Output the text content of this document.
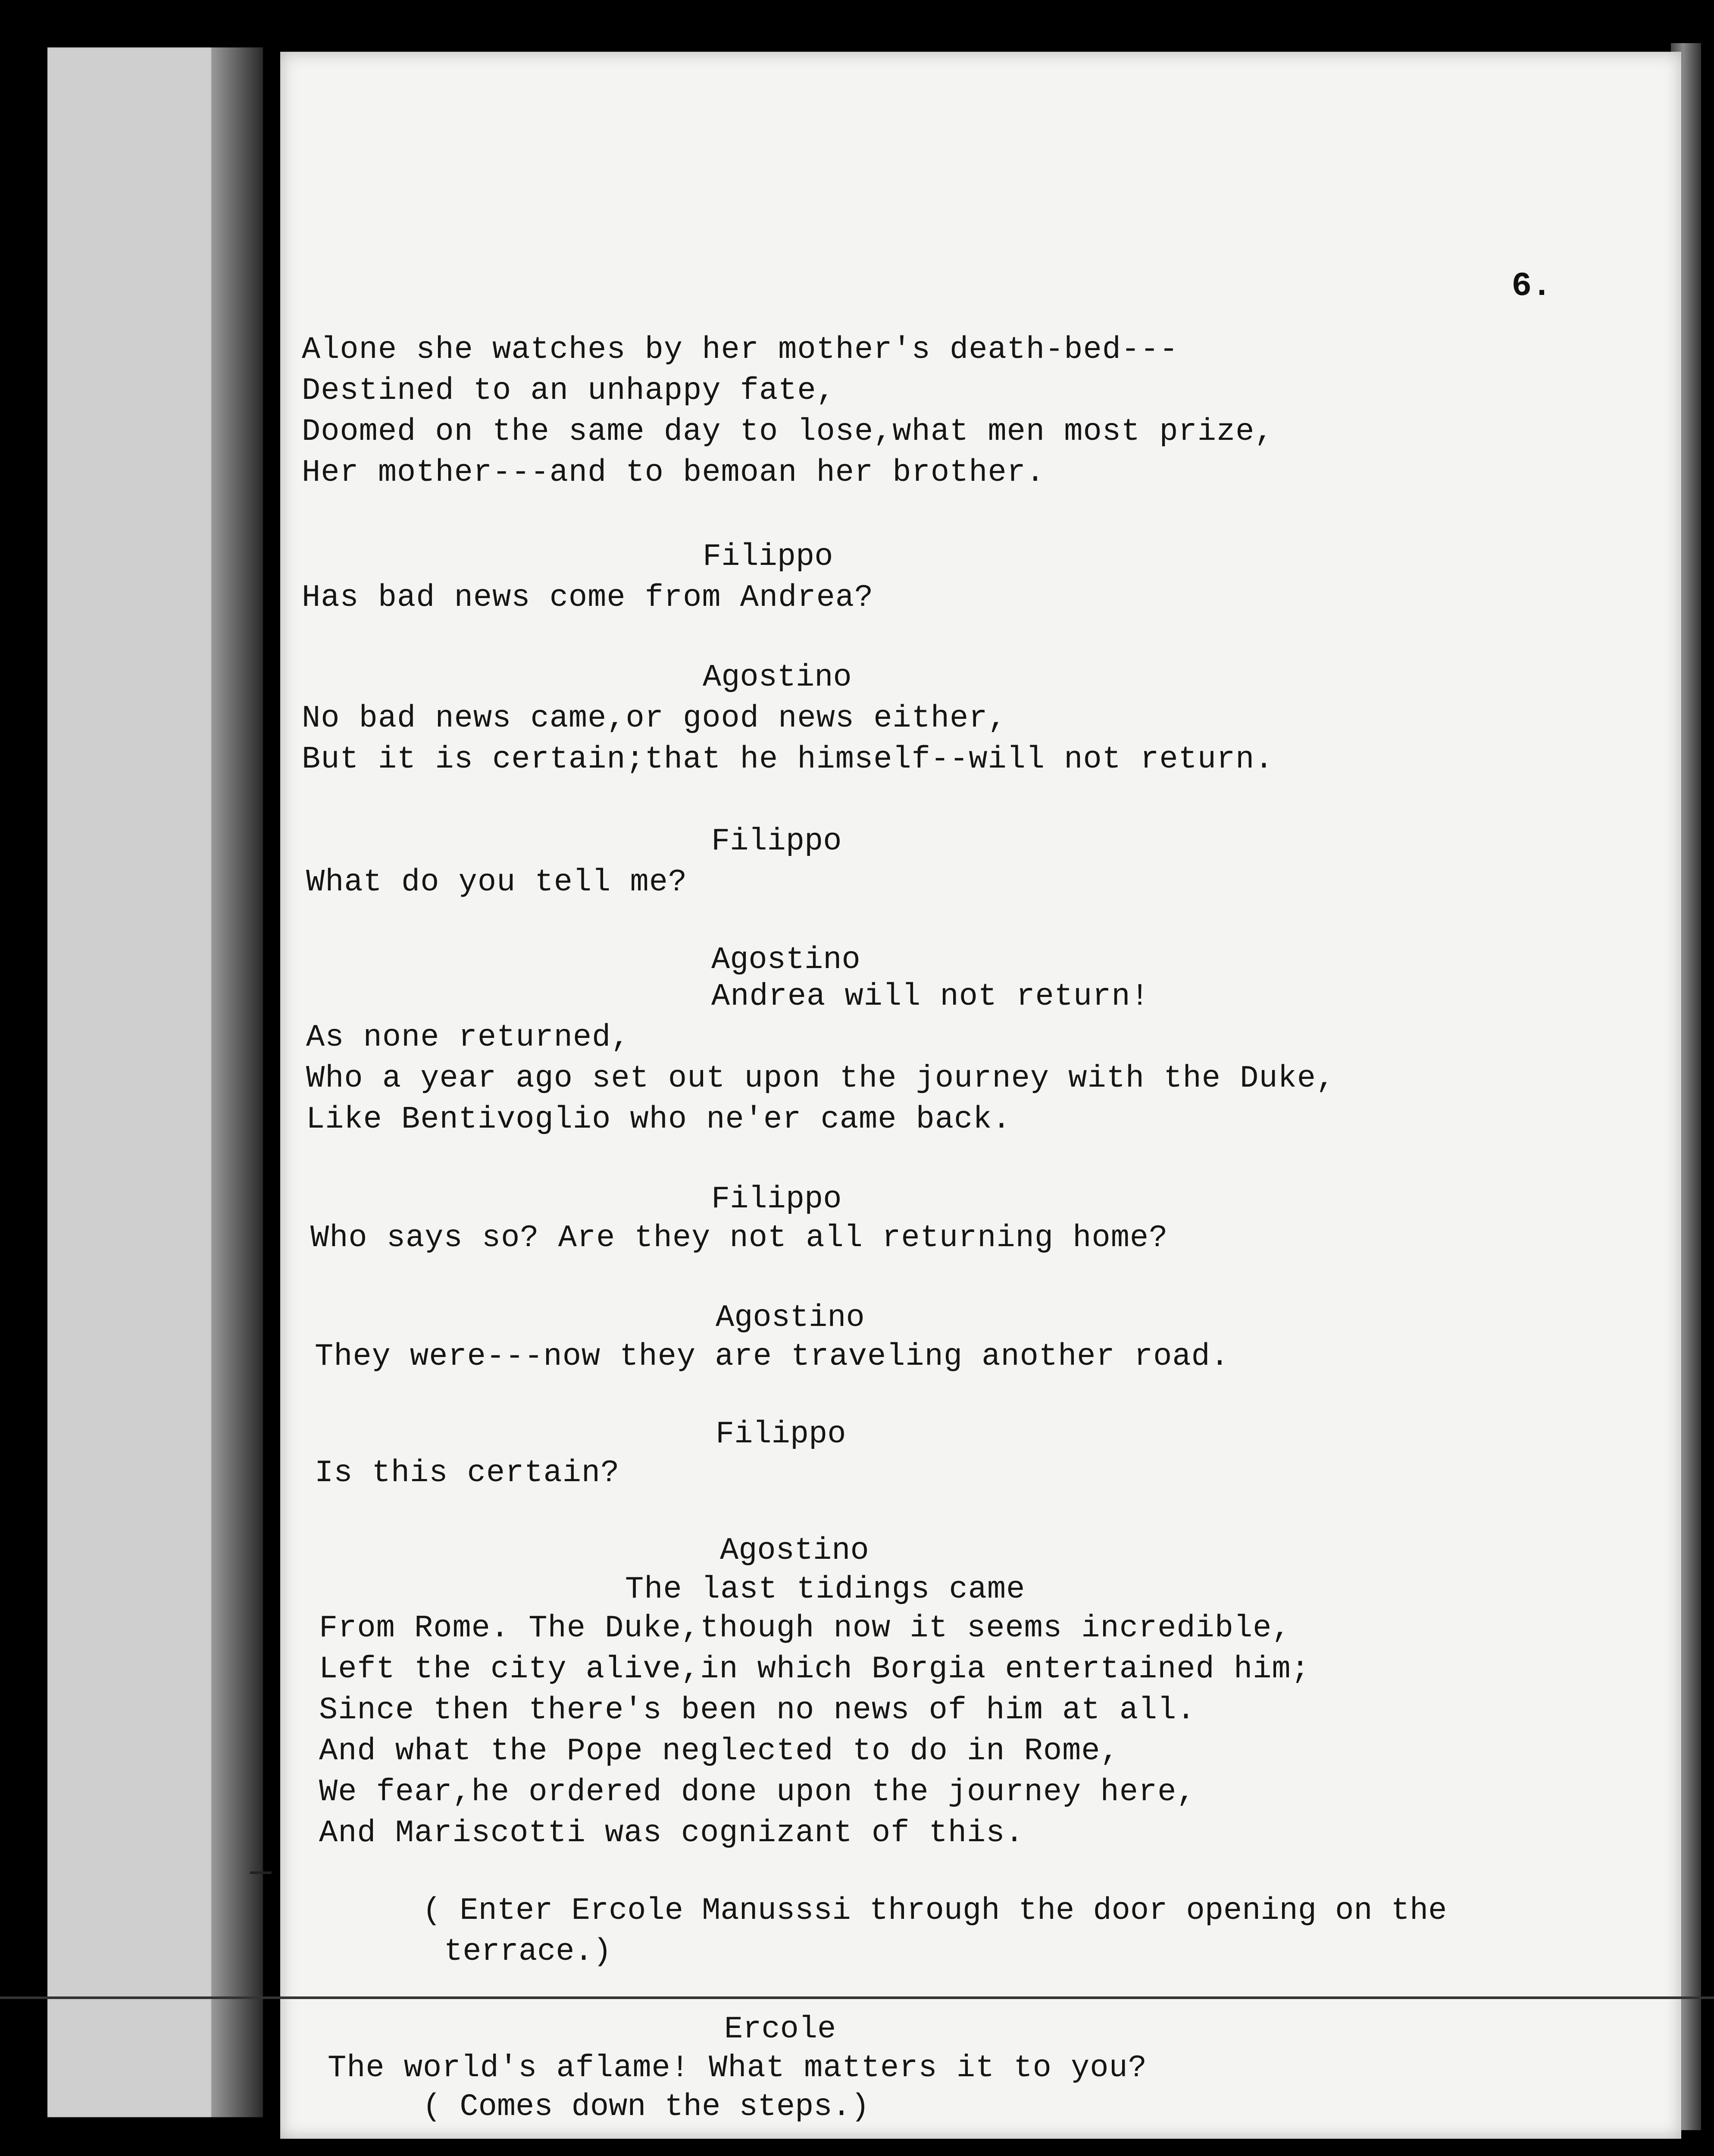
6.
Alone she watches by her mother's death-bed---
Destined to an unhappy fate,
Doomed on the same day to lose,what men most prize,
Her mother---and to bemoan her brother.
Filippo
Has bad news come from Andrea?
Agostino
No bad news came,or good news either,
But it is certain;that he himself--will not return.
Filippo
What do you tell me?
Agostino
Andrea will not return!
As none returned,
Who a year ago set out upon the journey with the Duke,
Like Bentivoglio who ne'er came back.
Filippo
Who says so? Are they not all returning home?
Agostino
They were---now they are traveling another road.
Filippo
Is this certain?
Agostino
The last tidings came
From Rome. The Duke,though now it seems incredible,
Left the city alive,in which Borgia entertained him;
Since then there's been no news of him at all.
And what the Pope neglected to do in Rome,
We fear,he ordered done upon the journey here,
And Mariscotti was cognizant of this.
( Enter Ercole Manusssi through the door opening on the
terrace.)
Ercole
The world's aflame! What matters it to you?
( Comes down the steps.)
